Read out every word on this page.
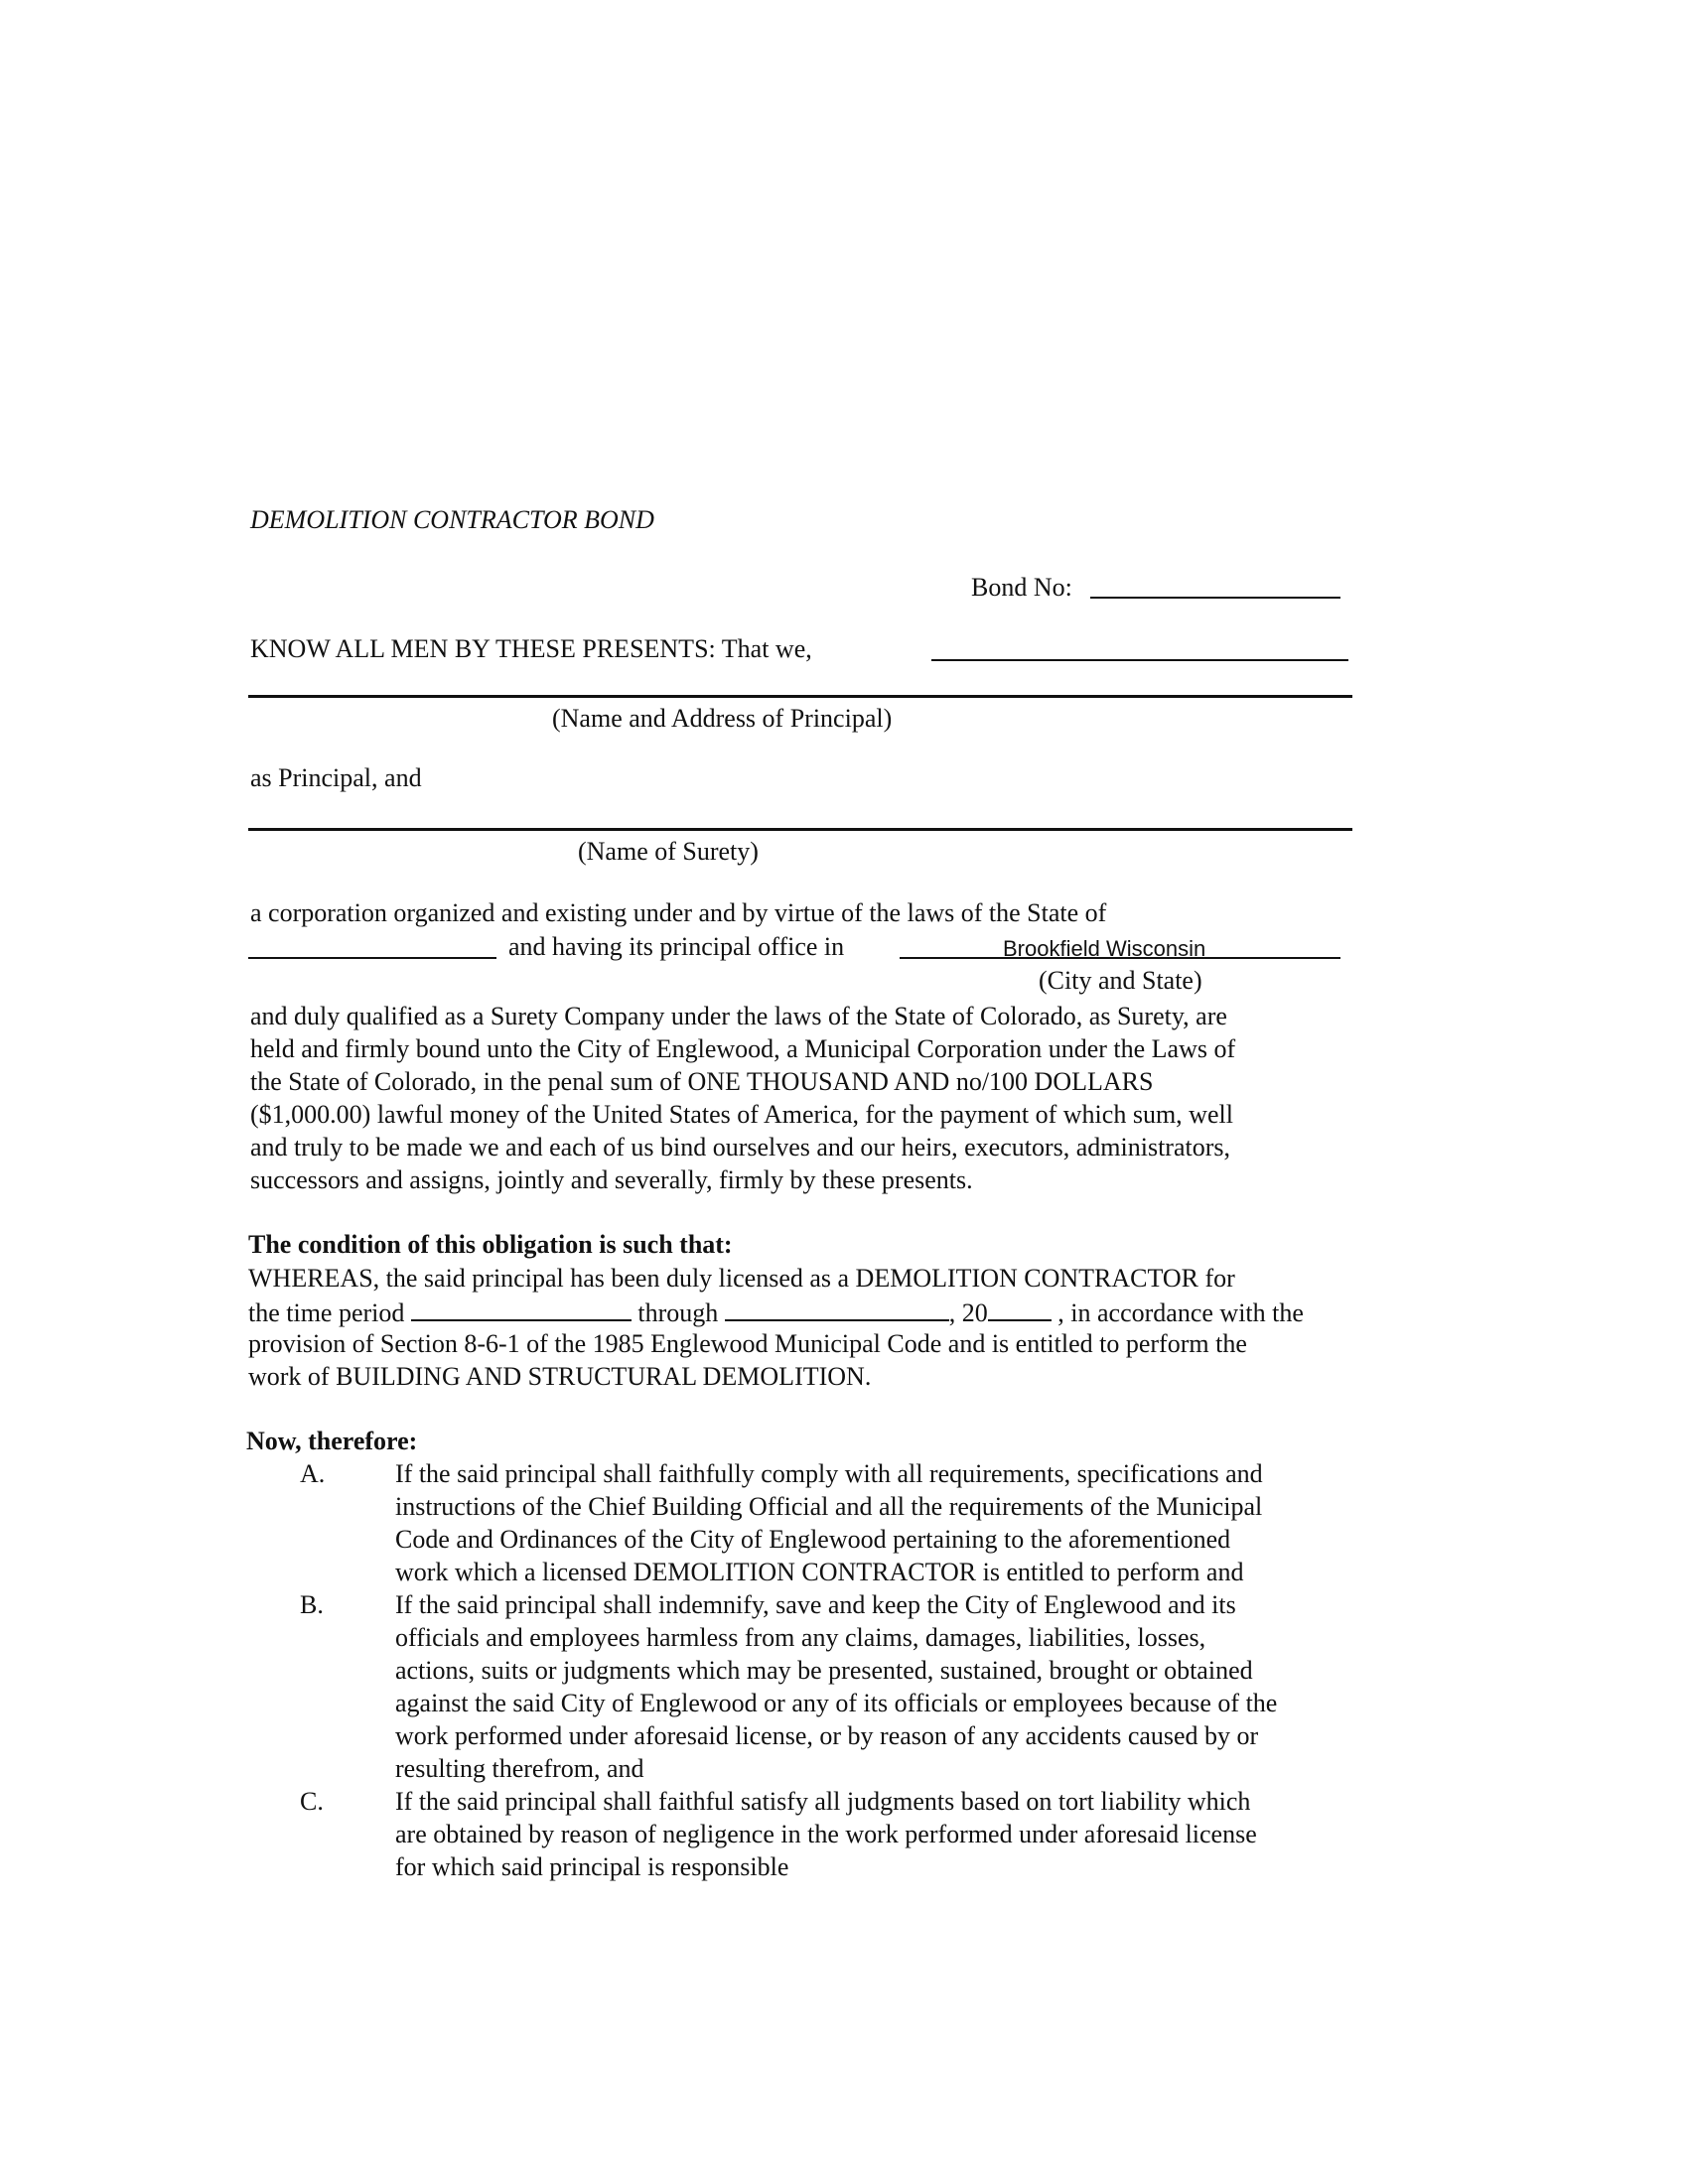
DEMOLITION CONTRACTOR BOND
Bond No:
KNOW ALL MEN BY THESE PRESENTS: That we,
(Name and Address of Principal)
as Principal, and
(Name of Surety)
a corporation organized and existing under and by virtue of the laws of the State of
and having its principal office in	Brookfield Wisconsin
(City and State)
and duly qualified as a Surety Company under the laws of the State of Colorado, as Surety, are
held and firmly bound unto the City of Englewood, a Municipal Corporation under the Laws of
the State of Colorado, in the penal sum of ONE THOUSAND AND no/100 DOLLARS
($1,000.00) lawful money of the United States of America, for the payment of which sum, well
and truly to be made we and each of us bind ourselves and our heirs, executors, administrators,
successors and assigns, jointly and severally, firmly by these presents.
The condition of this obligation is such that:
WHEREAS, the said principal has been duly licensed as a DEMOLITION CONTRACTOR for
the time period	through	, 20	, in accordance with the
provision of Section 8-6-1 of the 1985 Englewood Municipal Code and is entitled to perform the
work of BUILDING AND STRUCTURAL DEMOLITION.
Now, therefore:
A.	If the said principal shall faithfully comply with all requirements, specifications and
instructions of the Chief Building Official and all the requirements of the Municipal
Code and Ordinances of the City of Englewood pertaining to the aforementioned
work which a licensed DEMOLITION CONTRACTOR is entitled to perform and
B.	If the said principal shall indemnify, save and keep the City of Englewood and its
officials and employees harmless from any claims, damages, liabilities, losses,
actions, suits or judgments which may be presented, sustained, brought or obtained
against the said City of Englewood or any of its officials or employees because of the
work performed under aforesaid license, or by reason of any accidents caused by or
resulting therefrom, and
C.	If the said principal shall faithful satisfy all judgments based on tort liability which
are obtained by reason of negligence in the work performed under aforesaid license
for which said principal is responsible
